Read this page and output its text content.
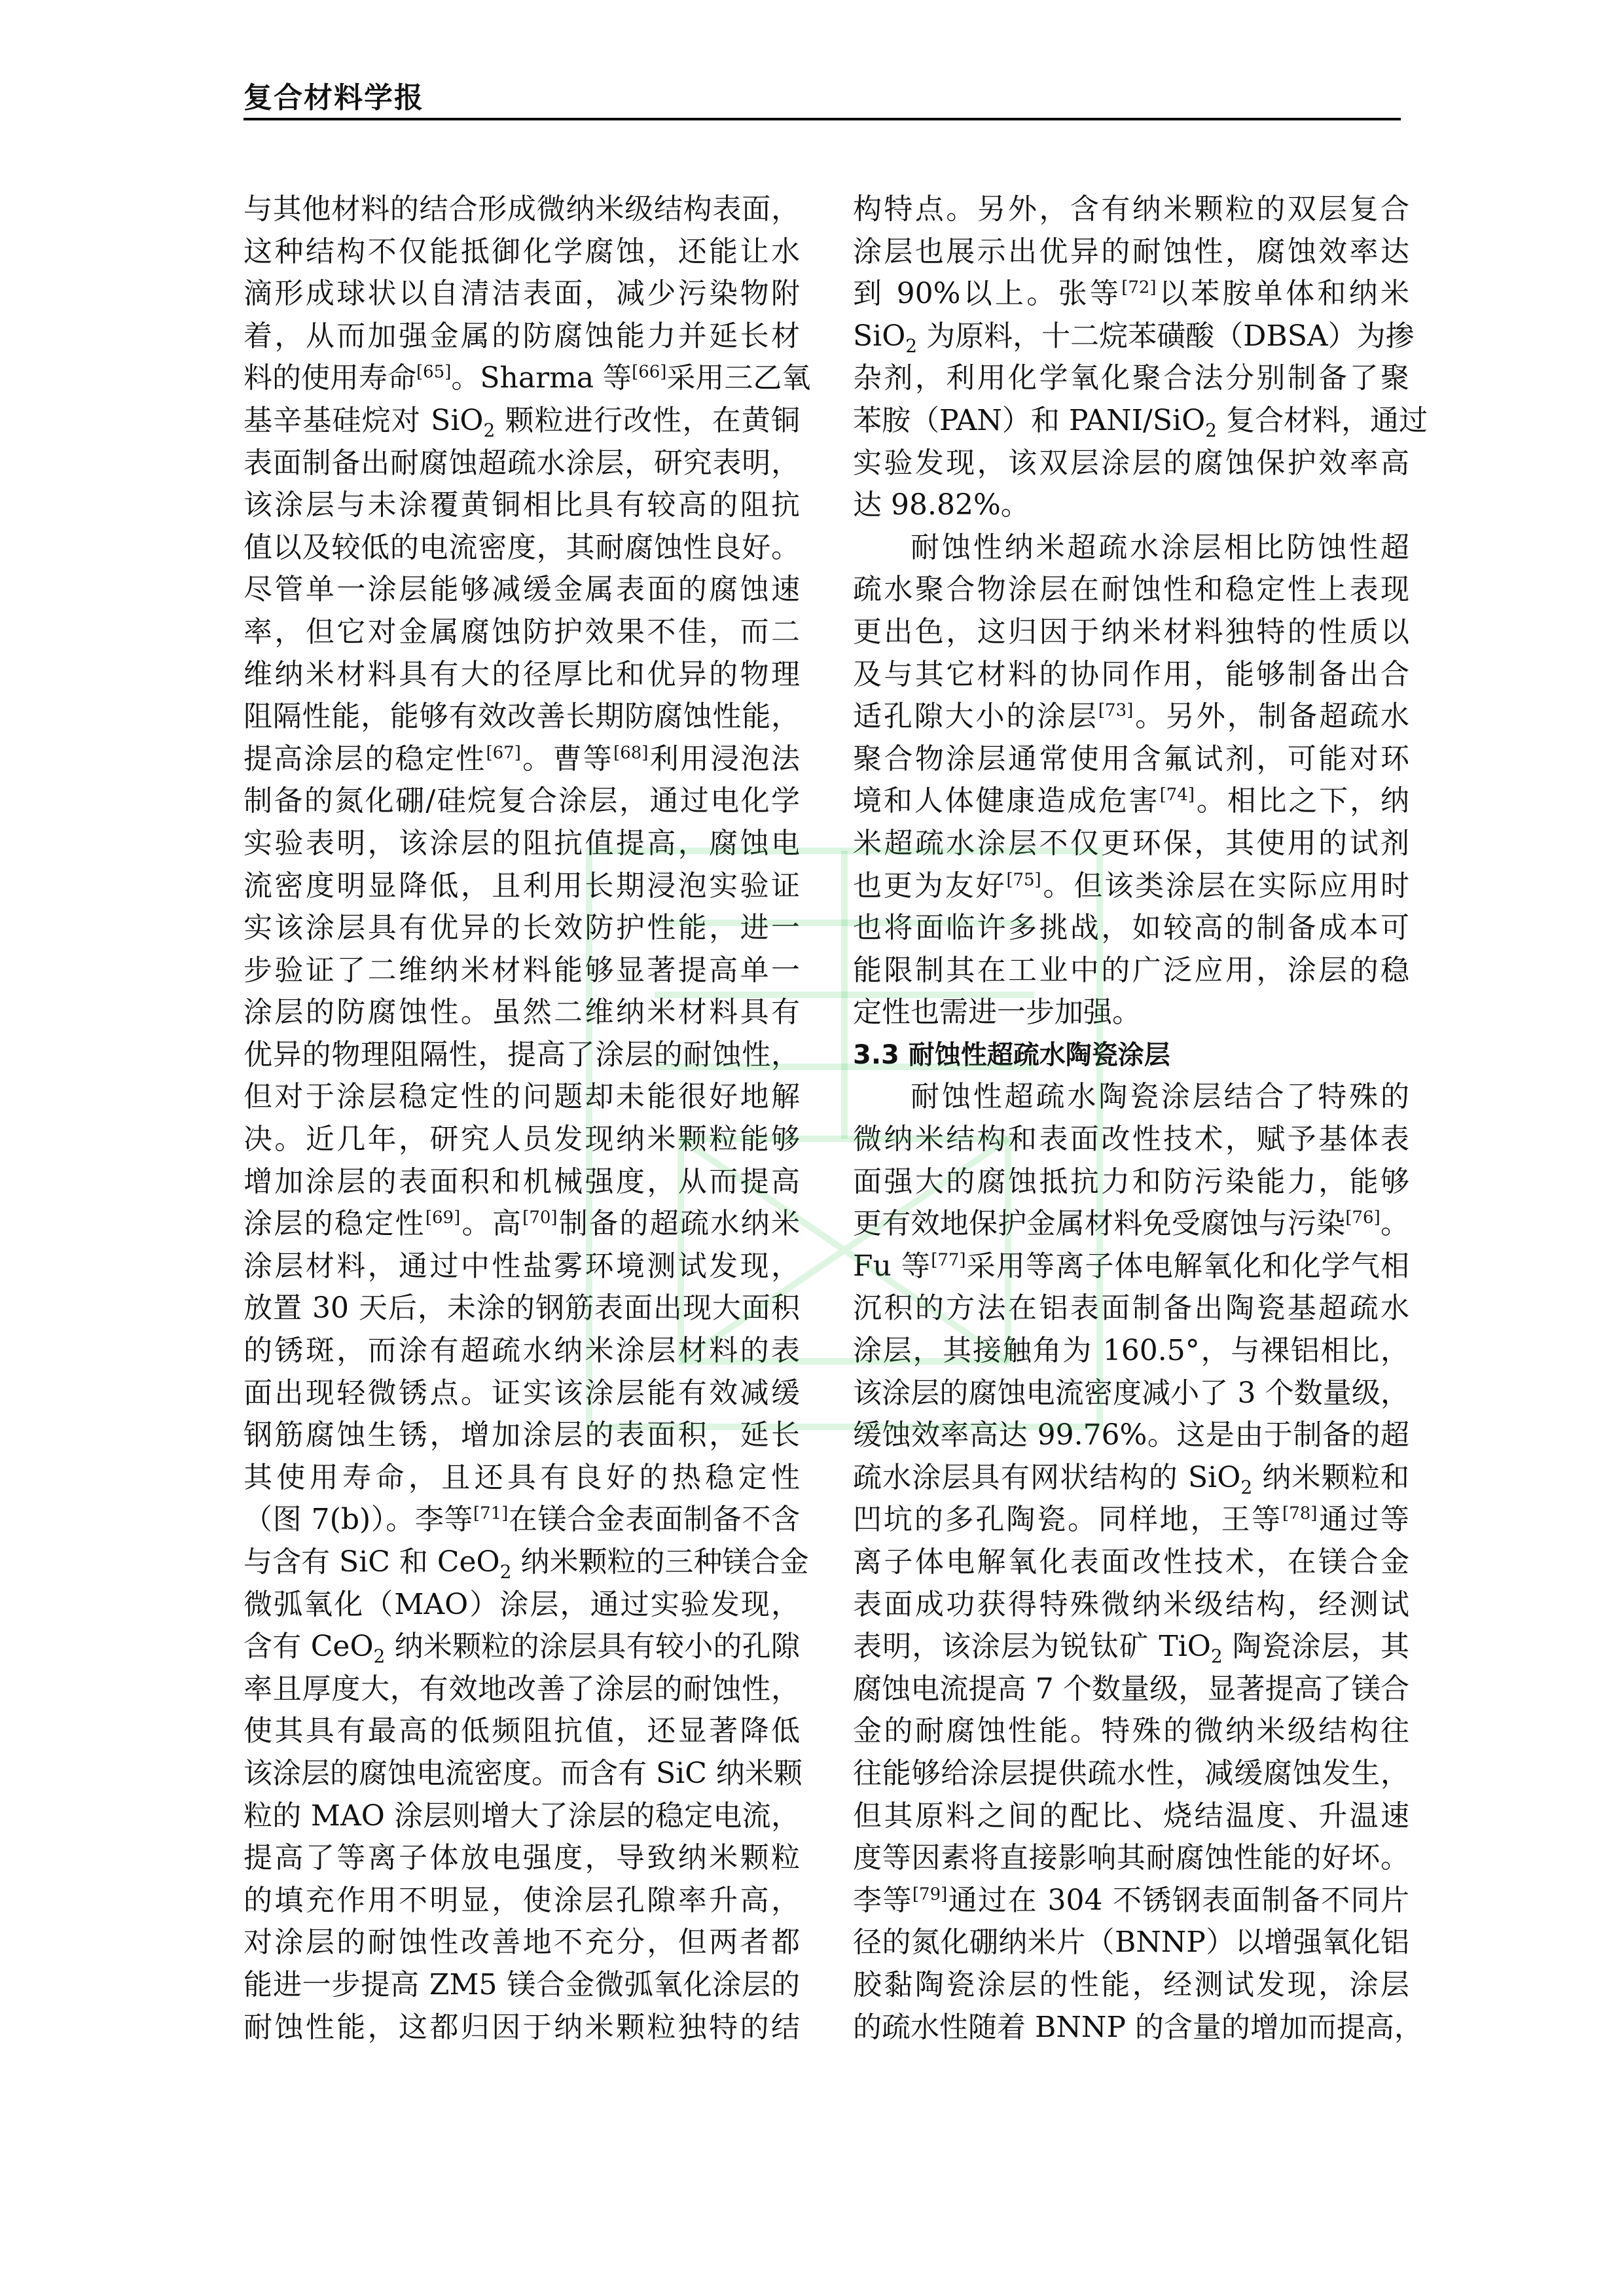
复合材料学报
与其他材料的结合形成微纳米级结构表面，
这种结构不仅能抵御化学腐蚀，还能让水
滴形成球状以自清洁表面，减少污染物附
着，从而加强金属的防腐蚀能力并延长材
料的使用寿命[65]。Sharma 等[66]采用三乙氧
基辛基硅烷对 SiO$_2$ 颗粒进行改性，在黄铜
表面制备出耐腐蚀超疏水涂层，研究表明，
该涂层与未涂覆黄铜相比具有较高的阻抗
值以及较低的电流密度，其耐腐蚀性良好。
尽管单一涂层能够减缓金属表面的腐蚀速
率，但它对金属腐蚀防护效果不佳，而二
维纳米材料具有大的径厚比和优异的物理
阻隔性能，能够有效改善长期防腐蚀性能，
提高涂层的稳定性[67]。曹等[68]利用浸泡法
制备的氮化硼/硅烷复合涂层，通过电化学
实验表明，该涂层的阻抗值提高，腐蚀电
流密度明显降低，且利用长期浸泡实验证
实该涂层具有优异的长效防护性能，进一
步验证了二维纳米材料能够显著提高单一
涂层的防腐蚀性。虽然二维纳米材料具有
优异的物理阻隔性，提高了涂层的耐蚀性，
但对于涂层稳定性的问题却未能很好地解
决。近几年，研究人员发现纳米颗粒能够
增加涂层的表面积和机械强度，从而提高
涂层的稳定性[69]。高[70]制备的超疏水纳米
涂层材料，通过中性盐雾环境测试发现，
放置 30 天后，未涂的钢筋表面出现大面积
的锈斑，而涂有超疏水纳米涂层材料的表
面出现轻微锈点。证实该涂层能有效减缓
钢筋腐蚀生锈，增加涂层的表面积，延长
其使用寿命，且还具有良好的热稳定性
（图 7(b)）。李等[71]在镁合金表面制备不含
与含有 SiC 和 CeO$_2$ 纳米颗粒的三种镁合金
微弧氧化（MAO）涂层，通过实验发现，
含有 CeO$_2$ 纳米颗粒的涂层具有较小的孔隙
率且厚度大，有效地改善了涂层的耐蚀性，
使其具有最高的低频阻抗值，还显著降低
该涂层的腐蚀电流密度。而含有 SiC 纳米颗
粒的 MAO 涂层则增大了涂层的稳定电流，
提高了等离子体放电强度，导致纳米颗粒
的填充作用不明显，使涂层孔隙率升高，
对涂层的耐蚀性改善地不充分，但两者都
能进一步提高 ZM5 镁合金微弧氧化涂层的
耐蚀性能，这都归因于纳米颗粒独特的结
构特点。另外，含有纳米颗粒的双层复合
涂层也展示出优异的耐蚀性，腐蚀效率达
到 90%以上。张等[72]以苯胺单体和纳米
SiO$_2$ 为原料，十二烷苯磺酸（DBSA）为掺
杂剂，利用化学氧化聚合法分别制备了聚
苯胺（PAN）和 PANI/SiO$_2$ 复合材料，通过
实验发现，该双层涂层的腐蚀保护效率高
达 98.82%。
耐蚀性纳米超疏水涂层相比防蚀性超
疏水聚合物涂层在耐蚀性和稳定性上表现
更出色，这归因于纳米材料独特的性质以
及与其它材料的协同作用，能够制备出合
适孔隙大小的涂层[73]。另外，制备超疏水
聚合物涂层通常使用含氟试剂，可能对环
境和人体健康造成危害[74]。相比之下，纳
米超疏水涂层不仅更环保，其使用的试剂
也更为友好[75]。但该类涂层在实际应用时
也将面临许多挑战，如较高的制备成本可
能限制其在工业中的广泛应用，涂层的稳
定性也需进一步加强。
3.3 耐蚀性超疏水陶瓷涂层
耐蚀性超疏水陶瓷涂层结合了特殊的
微纳米结构和表面改性技术，赋予基体表
面强大的腐蚀抵抗力和防污染能力，能够
更有效地保护金属材料免受腐蚀与污染[76]。
Fu 等[77]采用等离子体电解氧化和化学气相
沉积的方法在铝表面制备出陶瓷基超疏水
涂层，其接触角为 160.5°，与裸铝相比，
该涂层的腐蚀电流密度减小了 3 个数量级，
缓蚀效率高达 99.76%。这是由于制备的超
疏水涂层具有网状结构的 SiO$_2$ 纳米颗粒和
凹坑的多孔陶瓷。同样地，王等[78]通过等
离子体电解氧化表面改性技术，在镁合金
表面成功获得特殊微纳米级结构，经测试
表明，该涂层为锐钛矿 TiO$_2$ 陶瓷涂层，其
腐蚀电流提高 7 个数量级，显著提高了镁合
金的耐腐蚀性能。特殊的微纳米级结构往
往能够给涂层提供疏水性，减缓腐蚀发生，
但其原料之间的配比、烧结温度、升温速
度等因素将直接影响其耐腐蚀性能的好坏。
李等[79]通过在 304 不锈钢表面制备不同片
径的氮化硼纳米片（BNNP）以增强氧化铝
胶黏陶瓷涂层的性能，经测试发现，涂层
的疏水性随着 BNNP 的含量的增加而提高，
